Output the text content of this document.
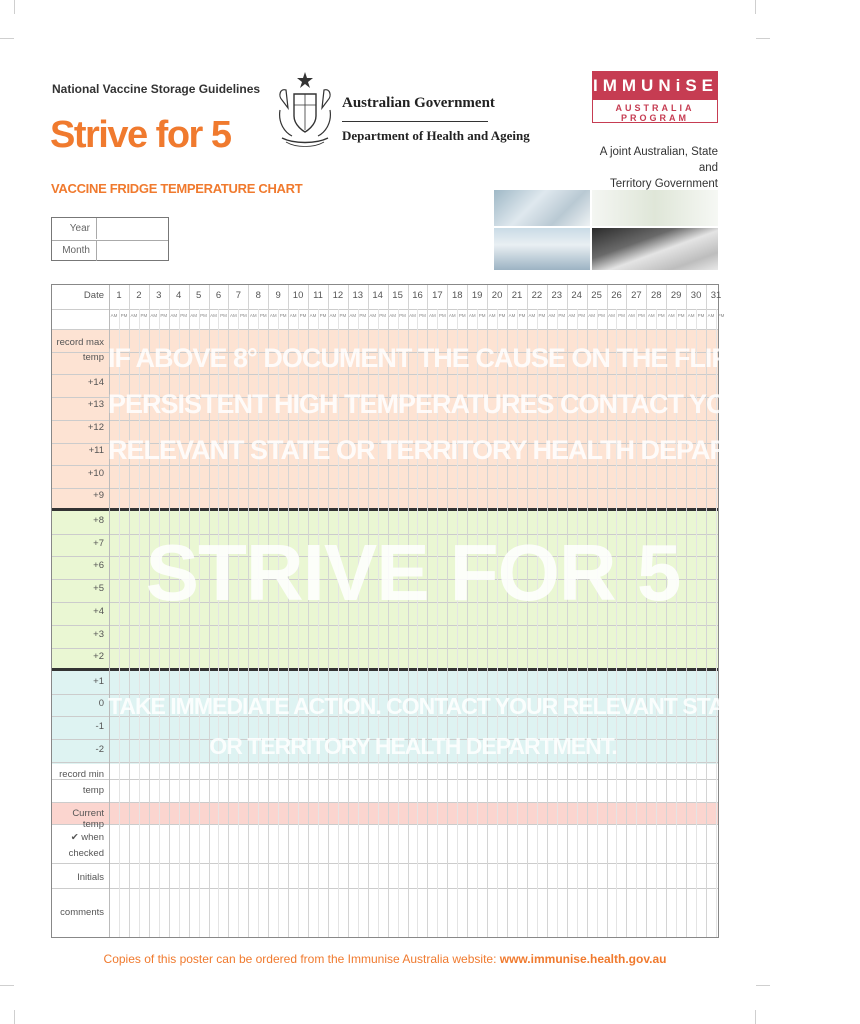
National Vaccine Storage Guidelines
Strive for 5
VACCINE FRIDGE TEMPERATURE CHART
Australian Government
Department of Health and Ageing
IMMUNiSE
AUSTRALIA PROGRAM
A joint Australian, State and
Territory Government
Year
Month
IF ABOVE 8° DOCUMENT THE CAUSE ON THE FLIP SIDE. FOR
PERSISTENT HIGH TEMPERATURES CONTACT YOUR
RELEVANT STATE OR TERRITORY HEALTH DEPARTMENT.
STRIVE FOR 5
TAKE IMMEDIATE ACTION. CONTACT YOUR RELEVANT STATE
OR TERRITORY HEALTH DEPARTMENT.
Date	1
AM PM
2
AM PM
3
AM PM
4
AM PM
5
AM PM
6
AM PM
7
AM PM
8
AM PM
9
AM PM
10
AM PM
11
AM PM
12
AM PM
13
AM PM
14
AM PM
15
AM PM
16
AM PM
17
AM PM
18
AM PM
19
AM PM
20
AM PM
21
AM PM
22
AM PM
23
AM PM
24
AM PM
25
AM PM
26
AM PM
27
AM PM
28
AM PM
29
AM PM
30
AM PM
31
AM PM
record max
temp
+14
+13
+12
+11
+10
+9
+8
+7
+6
+5
+4
+3
+2
+1
0
-1
-2
record min
temp
Current temp
✔ when
checked
Initials
comments
Copies of this poster can be ordered from the Immunise Australia website: www.immunise.health.gov.au
